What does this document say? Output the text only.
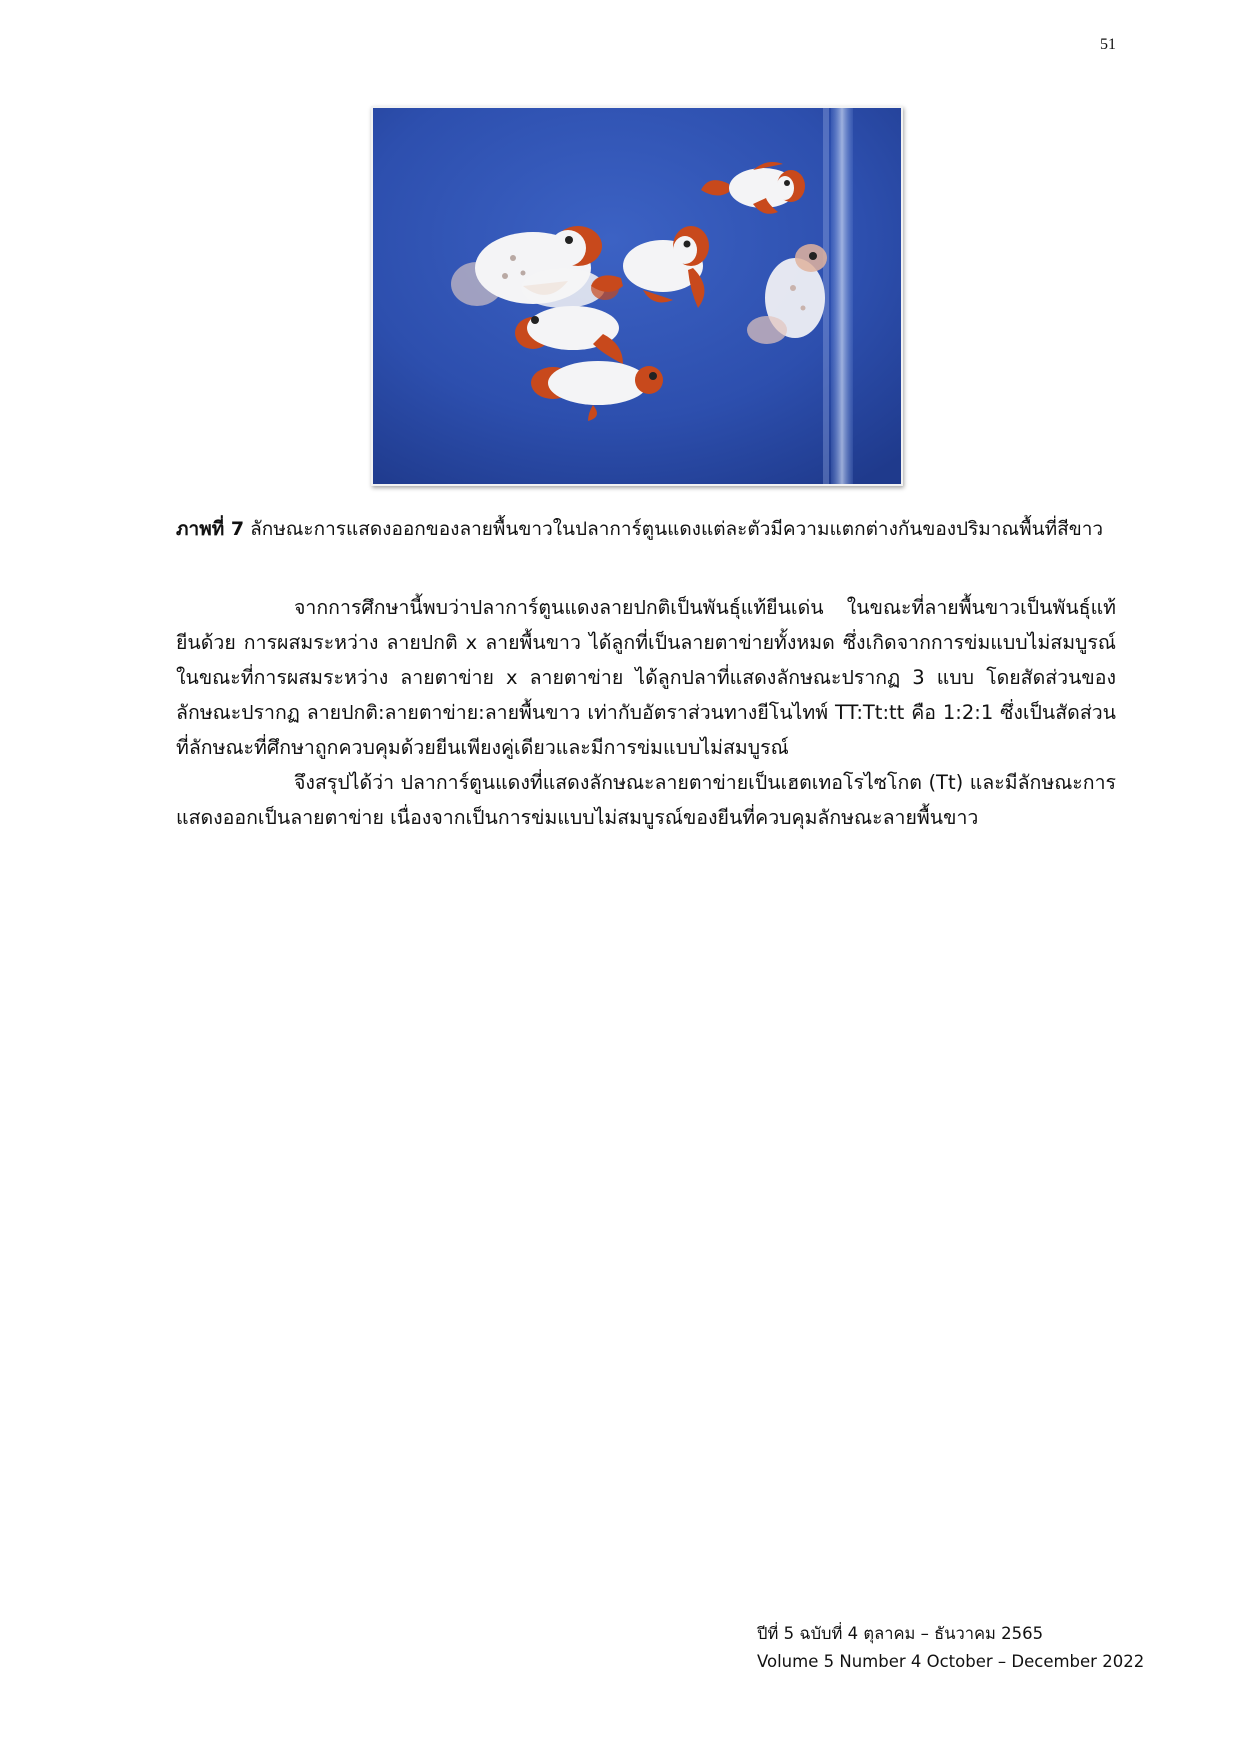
51
ภาพที่ 7 ลักษณะการแสดงออกของลายพื้นขาวในปลาการ์ตูนแดงแต่ละตัวมีความแตกต่างกันของปริมาณพื้นที่สีขาว

จากการศึกษานี้พบว่าปลาการ์ตูนแดงลายปกติเป็นพันธุ์แท้ยีนเด่น ในขณะที่ลายพื้นขาวเป็นพันธุ์แท้ยีนด้วย การผสมระหว่าง ลายปกติ x ลายพื้นขาว ได้ลูกที่เป็นลายตาข่ายทั้งหมด ซึ่งเกิดจากการข่มแบบไม่สมบูรณ์ ในขณะที่การผสมระหว่าง ลายตาข่าย x ลายตาข่าย ได้ลูกปลาที่แสดงลักษณะปรากฏ 3 แบบ โดยสัดส่วนของลักษณะปรากฏ ลายปกติ:ลายตาข่าย:ลายพื้นขาว เท่ากับอัตราส่วนทางยีโนไทพ์ TT:Tt:tt คือ 1:2:1 ซึ่งเป็นสัดส่วนที่ลักษณะที่ศึกษาถูกควบคุมด้วยยีนเพียงคู่เดียวและมีการข่มแบบไม่สมบูรณ์

จึงสรุปได้ว่า ปลาการ์ตูนแดงที่แสดงลักษณะลายตาข่ายเป็นเฮตเทอโรไซโกต (Tt) และมีลักษณะการแสดงออกเป็นลายตาข่าย เนื่องจากเป็นการข่มแบบไม่สมบูรณ์ของยีนที่ควบคุมลักษณะลายพื้นขาว

ปีที่ 5 ฉบับที่ 4 ตุลาคม – ธันวาคม 2565
Volume 5 Number 4 October – December 2022
